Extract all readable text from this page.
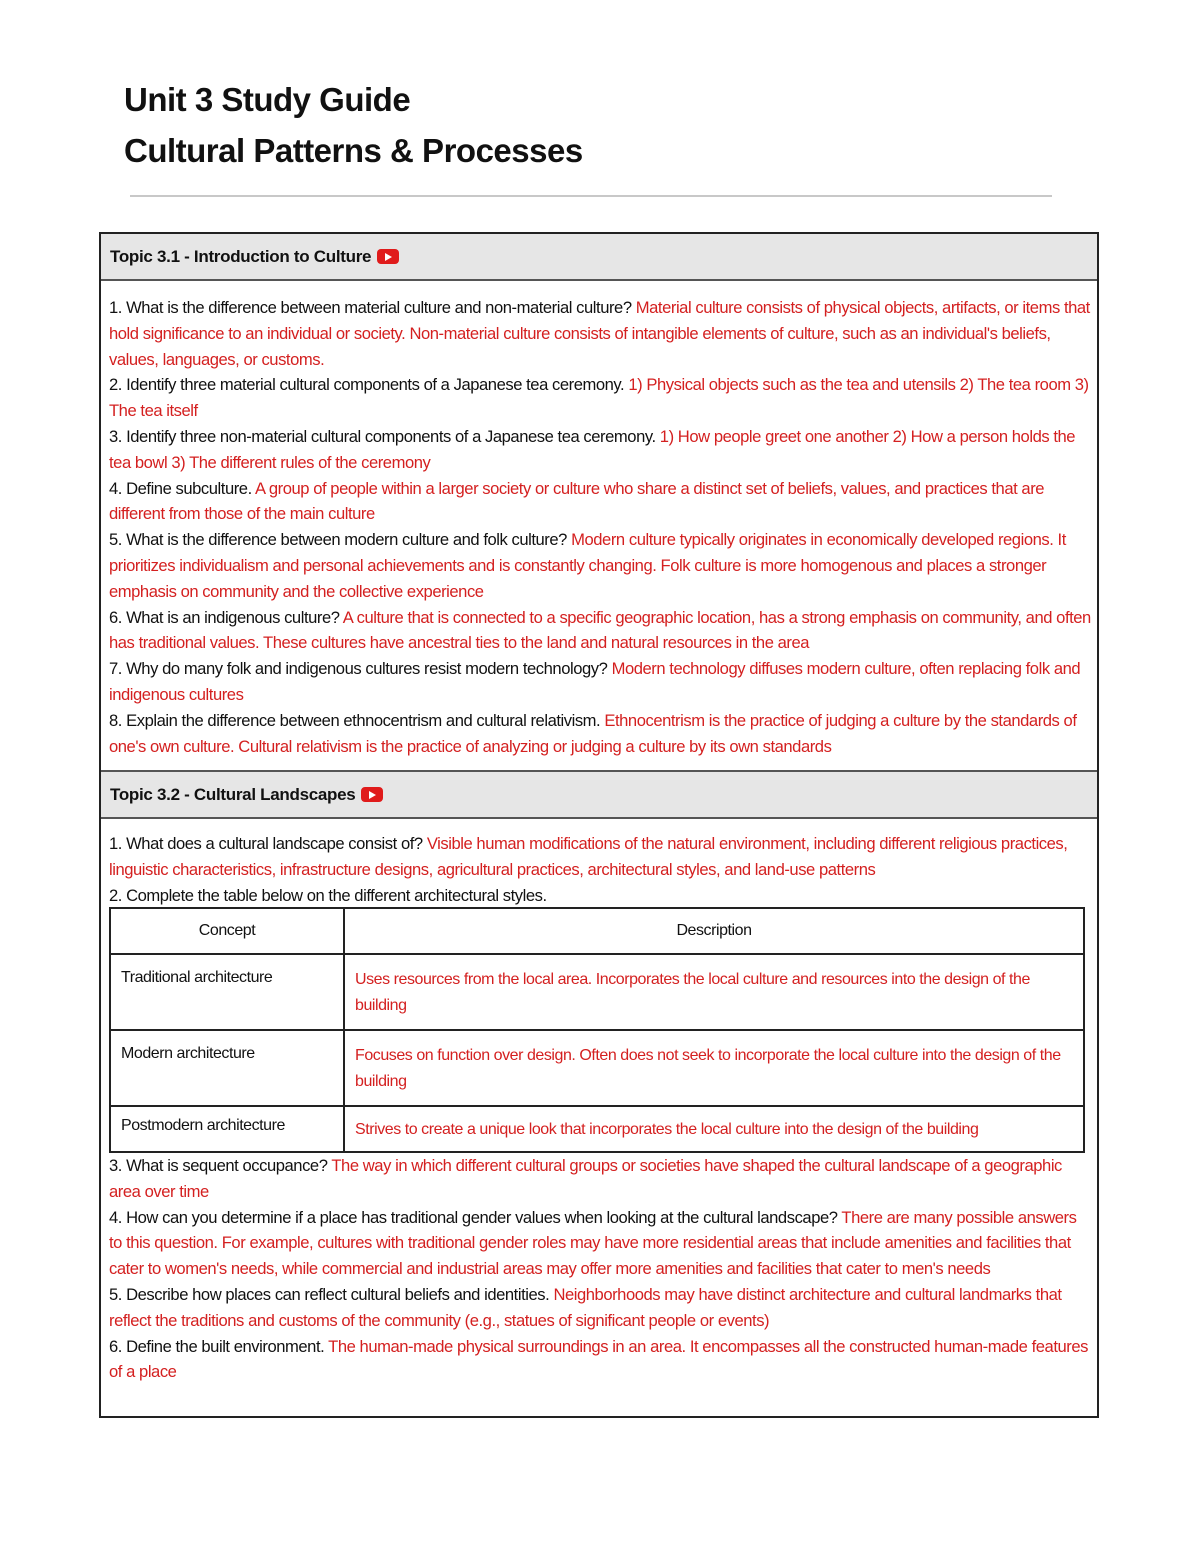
Unit 3 Study Guide
Cultural Patterns & Processes
Topic 3.1 - Introduction to Culture

1. What is the difference between material culture and non-material culture? Material culture consists of physical objects, artifacts, or items that hold significance to an individual or society. Non-material culture consists of intangible elements of culture, such as an individual's beliefs, values, languages, or customs.

2. Identify three material cultural components of a Japanese tea ceremony. 1) Physical objects such as the tea and utensils 2) The tea room 3) The tea itself

3. Identify three non-material cultural components of a Japanese tea ceremony. 1) How people greet one another 2) How a person holds the tea bowl 3) The different rules of the ceremony

4. Define subculture. A group of people within a larger society or culture who share a distinct set of beliefs, values, and practices that are different from those of the main culture

5. What is the difference between modern culture and folk culture? Modern culture typically originates in economically developed regions. It prioritizes individualism and personal achievements and is constantly changing. Folk culture is more homogenous and places a stronger emphasis on community and the collective experience

6. What is an indigenous culture? A culture that is connected to a specific geographic location, has a strong emphasis on community, and often has traditional values. These cultures have ancestral ties to the land and natural resources in the area

7. Why do many folk and indigenous cultures resist modern technology? Modern technology diffuses modern culture, often replacing folk and indigenous cultures

8. Explain the difference between ethnocentrism and cultural relativism. Ethnocentrism is the practice of judging a culture by the standards of one's own culture. Cultural relativism is the practice of analyzing or judging a culture by its own standards

Topic 3.2 - Cultural Landscapes

1. What does a cultural landscape consist of? Visible human modifications of the natural environment, including different religious practices, linguistic characteristics, infrastructure designs, agricultural practices, architectural styles, and land-use patterns

2. Complete the table below on the different architectural styles.

Concept	Description
Traditional architecture	Uses resources from the local area. Incorporates the local culture and resources into the design of the building
Modern architecture	Focuses on function over design. Often does not seek to incorporate the local culture into the design of the building
Postmodern architecture	Strives to create a unique look that incorporates the local culture into the design of the building

3. What is sequent occupance? The way in which different cultural groups or societies have shaped the cultural landscape of a geographic area over time

4. How can you determine if a place has traditional gender values when looking at the cultural landscape? There are many possible answers to this question. For example, cultures with traditional gender roles may have more residential areas that include amenities and facilities that cater to women's needs, while commercial and industrial areas may offer more amenities and facilities that cater to men's needs

5. Describe how places can reflect cultural beliefs and identities. Neighborhoods may have distinct architecture and cultural landmarks that reflect the traditions and customs of the community (e.g., statues of significant people or events)

6. Define the built environment. The human-made physical surroundings in an area. It encompasses all the constructed human-made features of a place
